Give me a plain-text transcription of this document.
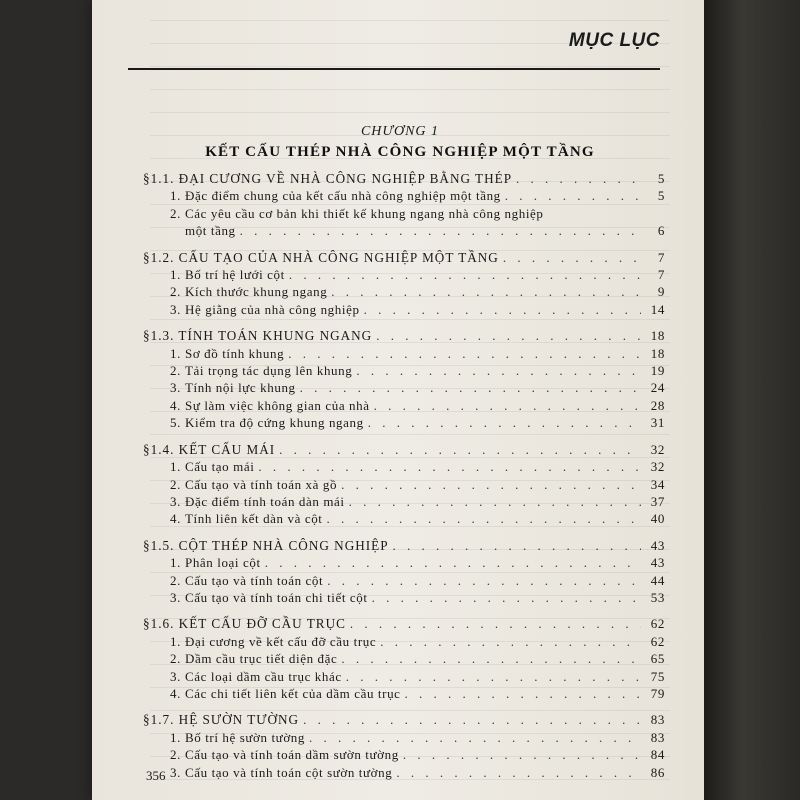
MỤC LỤC
CHƯƠNG 1
KẾT CẤU THÉP NHÀ CÔNG NGHIỆP MỘT TẦNG
§1.1. ĐẠI CƯƠNG VỀ NHÀ CÔNG NGHIỆP BẰNG THÉP . . .	5
1. Đặc điểm chung của kết cấu nhà công nghiệp một tầng . . .	5
2. Các yêu cầu cơ bản khi thiết kế khung ngang nhà công nghiệp
một tầng . . .	6
§1.2. CẤU TẠO CỦA NHÀ CÔNG NGHIỆP MỘT TẦNG . . .	7
1. Bố trí hệ lưới cột . . .	7
2. Kích thước khung ngang . . .	9
3. Hệ giằng của nhà công nghiệp . . .	14
§1.3. TÍNH TOÁN KHUNG NGANG . . .	18
1. Sơ đồ tính khung . . .	18
2. Tải trọng tác dụng lên khung . . .	19
3. Tính nội lực khung . . .	24
4. Sự làm việc không gian của nhà . . .	28
5. Kiểm tra độ cứng khung ngang . . .	31
§1.4. KẾT CẤU MÁI . . .	32
1. Cấu tạo mái . . .	32
2. Cấu tạo và tính toán xà gồ . . .	34
3. Đặc điểm tính toán dàn mái . . .	37
4. Tính liên kết dàn và cột . . .	40
§1.5. CỘT THÉP NHÀ CÔNG NGHIỆP . . .	43
1. Phân loại cột . . .	43
2. Cấu tạo và tính toán cột . . .	44
3. Cấu tạo và tính toán chi tiết cột . . .	53
§1.6. KẾT CẤU ĐỠ CẦU TRỤC . . .	62
1. Đại cương về kết cấu đỡ cầu trục . . .	62
2. Dầm cầu trục tiết diện đặc . . .	65
3. Các loại dầm cầu trục khác . . .	75
4. Các chi tiết liên kết của dầm cầu trục . . .	79
§1.7. HỆ SƯỜN TƯỜNG . . .	83
1. Bố trí hệ sườn tường . . .	83
2. Cấu tạo và tính toán dầm sườn tường . . .	84
3. Cấu tạo và tính toán cột sườn tường . . .	86
356
